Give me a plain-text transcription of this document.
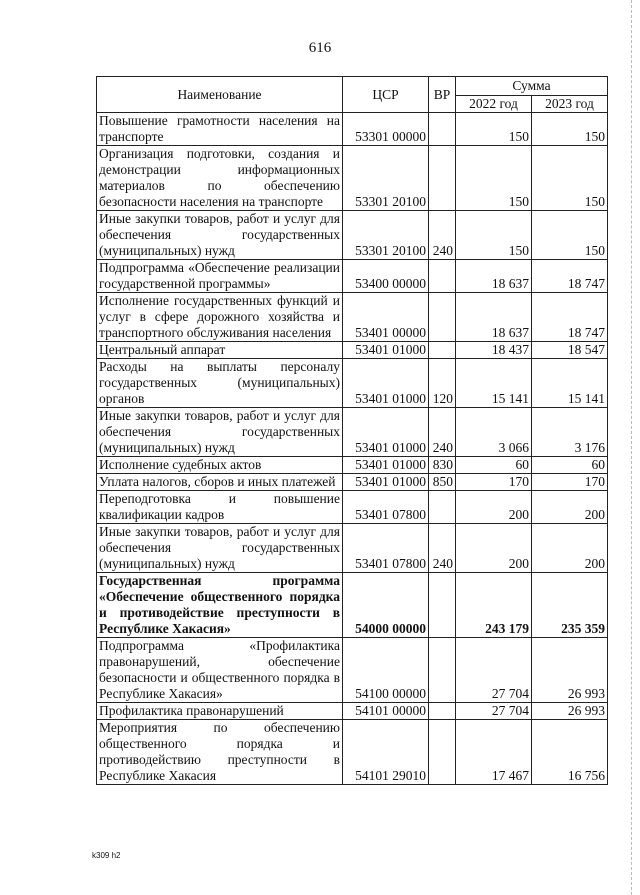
616
Наименование	ЦСР	ВР	Сумма	
			2022 год	2023 год
Повышение грамотности населения на транспорте	53301 00000		150	150
Организация подготовки, создания и демонстрации информационных материалов по обеспечению безопасности населения на транспорте	53301 20100		150	150
Иные закупки товаров, работ и услуг для обеспечения государственных (муниципальных) нужд	53301 20100	240	150	150
Подпрограмма «Обеспечение реализации государственной программы»	53400 00000		18 637	18 747
Исполнение государственных функций и услуг в сфере дорожного хозяйства и транспортного обслуживания населения	53401 00000		18 637	18 747
Центральный аппарат	53401 01000		18 437	18 547
Расходы на выплаты персоналу государственных (муниципальных) органов	53401 01000	120	15 141	15 141
Иные закупки товаров, работ и услуг для обеспечения государственных (муниципальных) нужд	53401 01000	240	3 066	3 176
Исполнение судебных актов	53401 01000	830	60	60
Уплата налогов, сборов и иных платежей	53401 01000	850	170	170
Переподготовка и повышение квалификации кадров	53401 07800		200	200
Иные закупки товаров, работ и услуг для обеспечения государственных (муниципальных) нужд	53401 07800	240	200	200
Государственная программа «Обеспечение общественного порядка и противодействие преступности в Республике Хакасия»	54000 00000		243 179	235 359
Подпрограмма «Профилактика правонарушений, обеспечение безопасности и общественного порядка в Республике Хакасия»	54100 00000		27 704	26 993
Профилактика правонарушений	54101 00000		27 704	26 993
Мероприятия по обеспечению общественного порядка и противодействию преступности в Республике Хакасия	54101 29010		17 467	16 756
k309 h2
